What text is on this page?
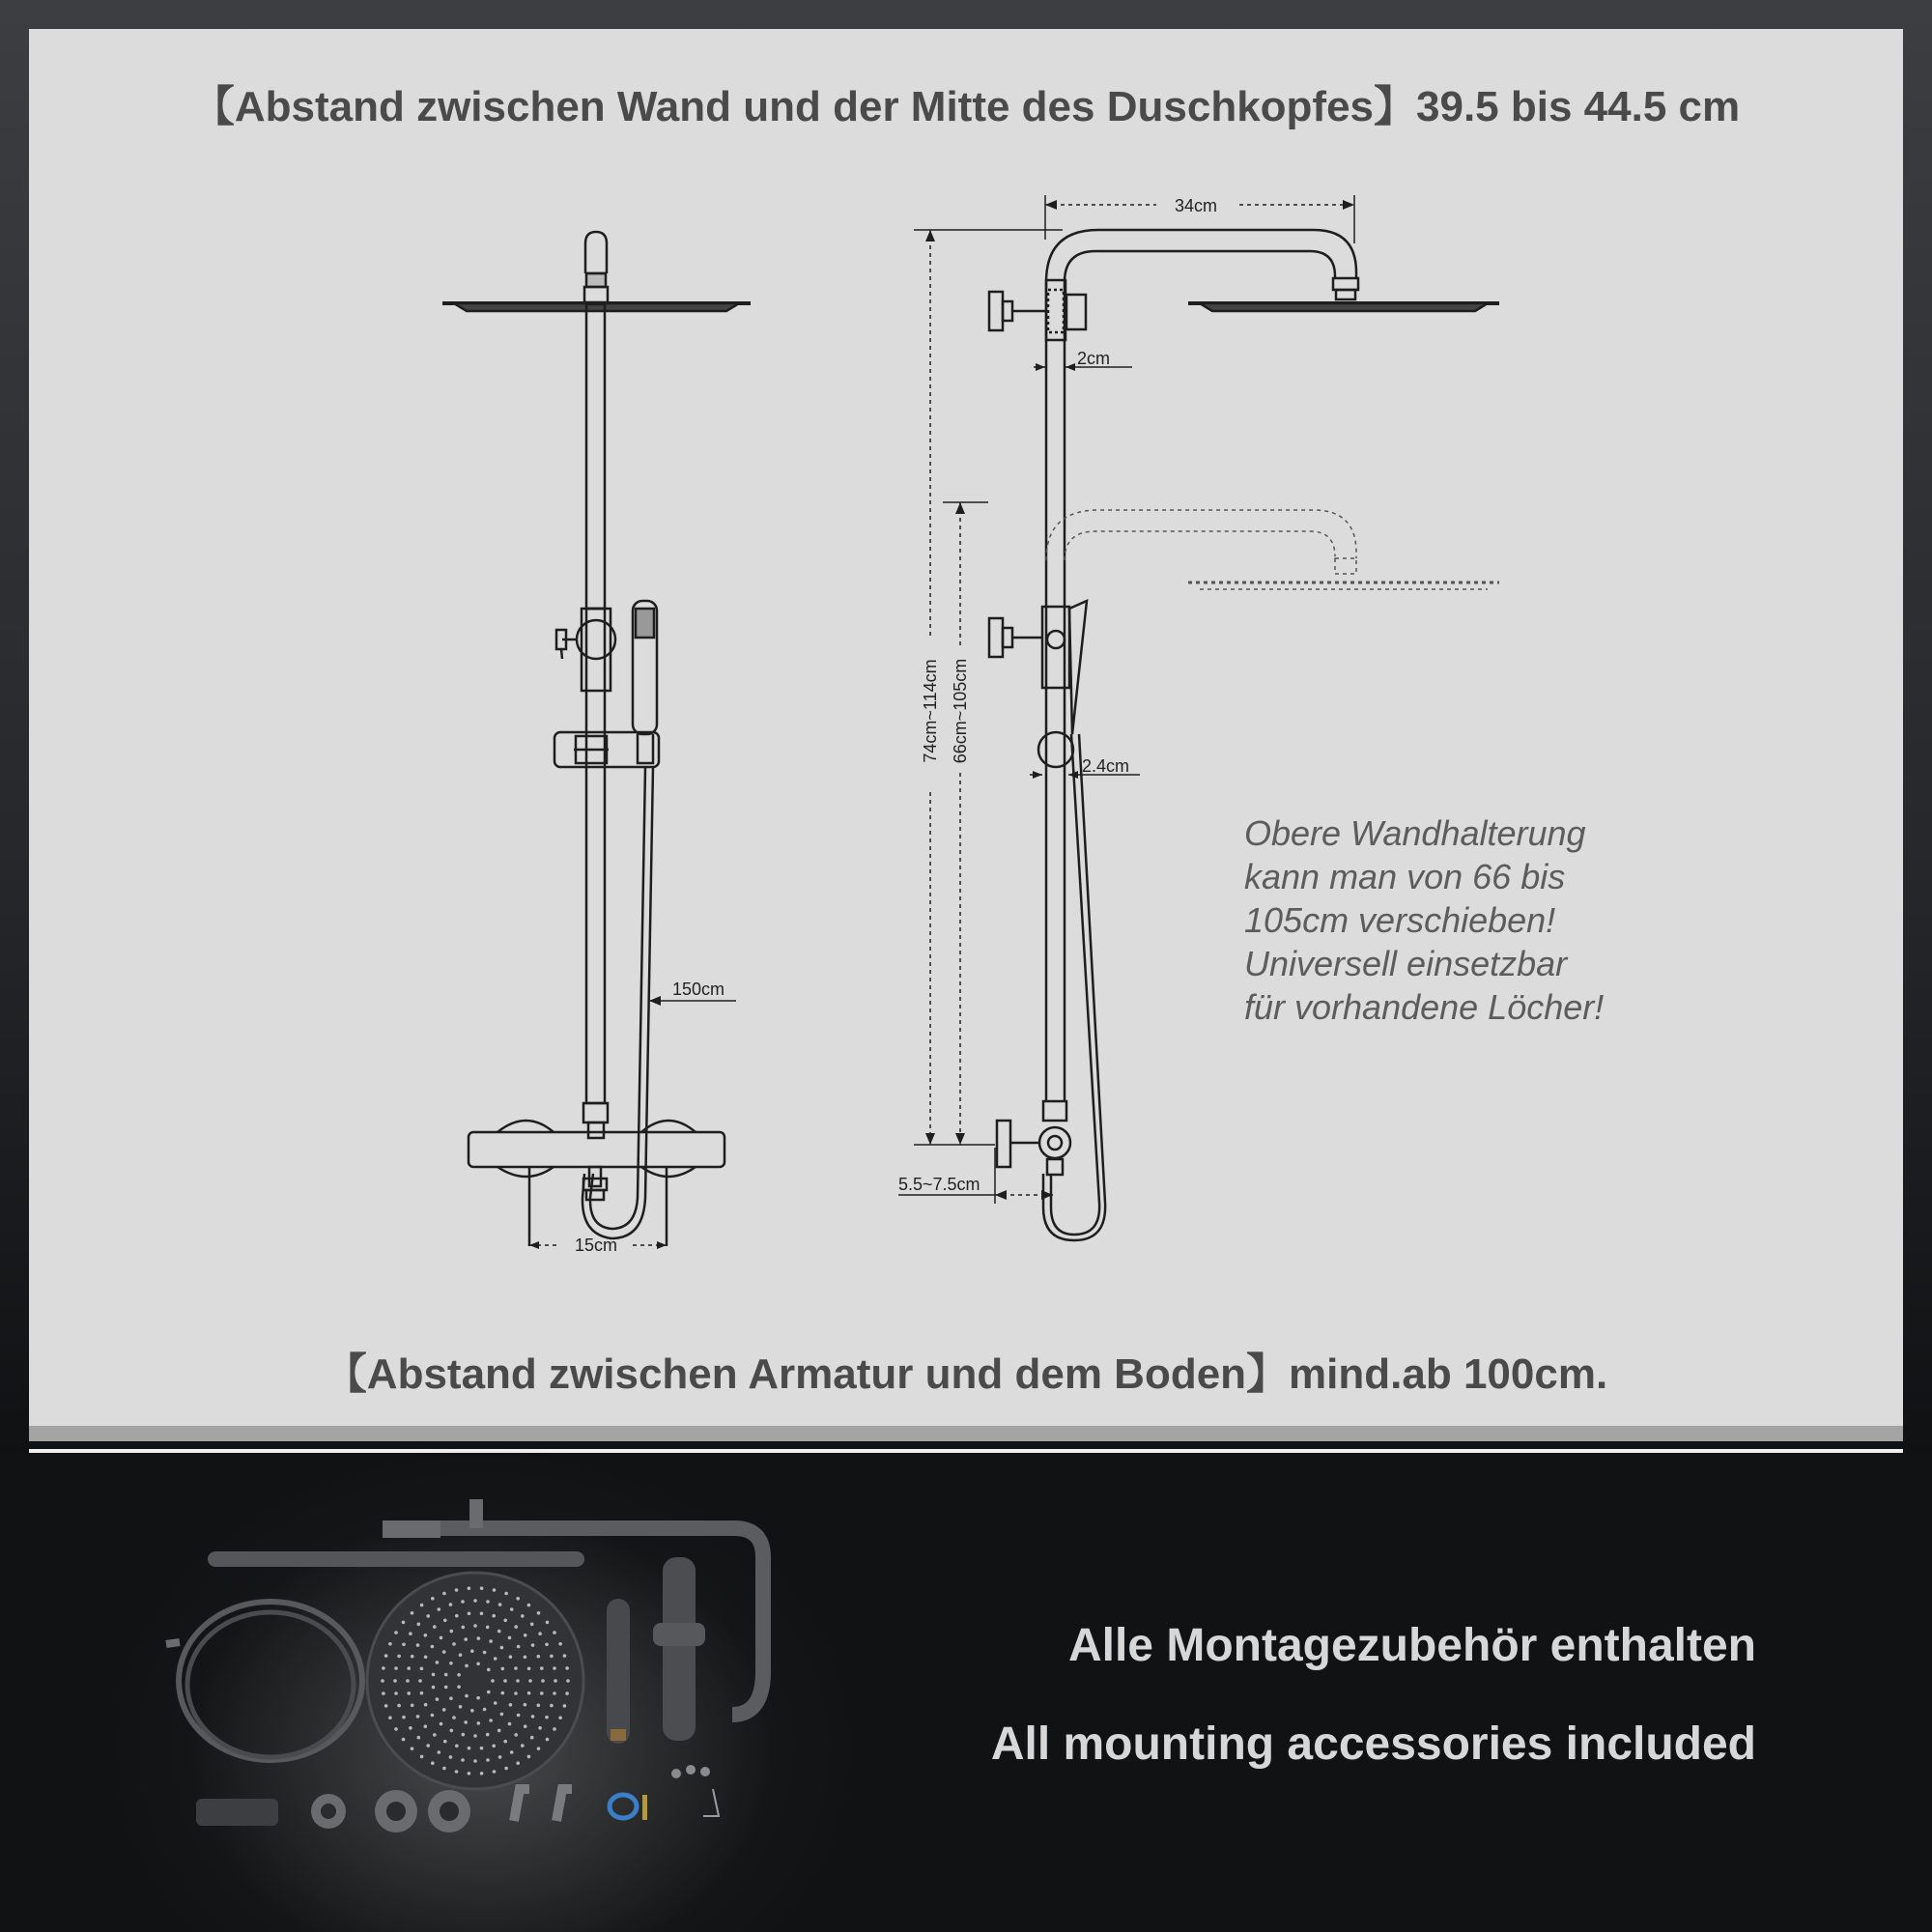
【Abstand zwischen Wand und der Mitte des Duschkopfes】39.5 bis 44.5 cm
15cm
150cm
34cm
2cm
2.4cm
5.5~7.5cm
74cm~114cm 66cm~105cm
Obere Wandhalterung
kann man von 66 bis
105cm verschieben!
Universell einsetzbar
für vorhandene Löcher!
【Abstand zwischen Armatur und dem Boden】mind.ab 100cm.
Alle Montagezubehör enthalten
All mounting accessories included
